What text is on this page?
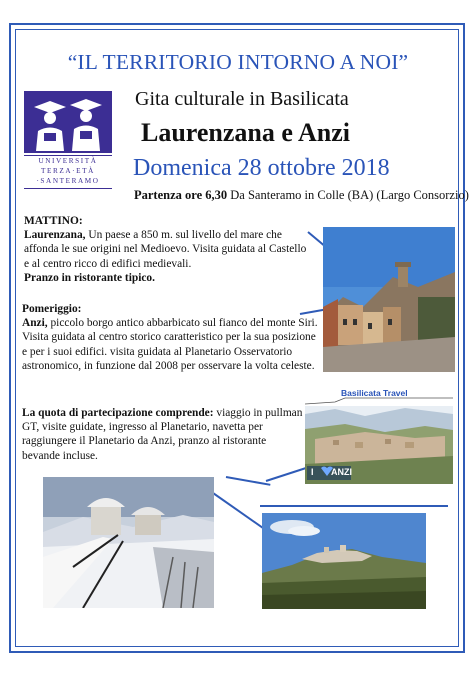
“IL TERRITORIO INTORNO A NOI”
UNIVERSITÀ
TERZA·ETÀ
·SANTERAMO
Gita culturale in Basilicata
Laurenzana e Anzi
Domenica 28 ottobre 2018
Partenza ore 6,30 Da Santeramo in Colle (BA) (Largo Consorzio)
MATTINO:
Laurenzana, Un paese a 850 m. sul livello del mare che affonda le sue origini nel Medioevo. Visita guidata al Castello e al centro ricco di edifici medievali.
Pranzo in ristorante tipico.
Pomeriggio:
Anzi, piccolo borgo antico abbarbicato sul fianco del monte Siri. Visita guidata al centro storico caratteristico per la sua posizione e per i suoi edifici. visita guidata al Planetario Osservatorio astronomico, in funzione dal 2008 per osservare la volta celeste.
La quota di partecipazione comprende: viaggio in pullman GT, visite guidate, ingresso al Planetario, navetta per raggiungere il Planetario da Anzi, pranzo al ristorante bevande incluse.
Basilicata Travel
I ANZI
